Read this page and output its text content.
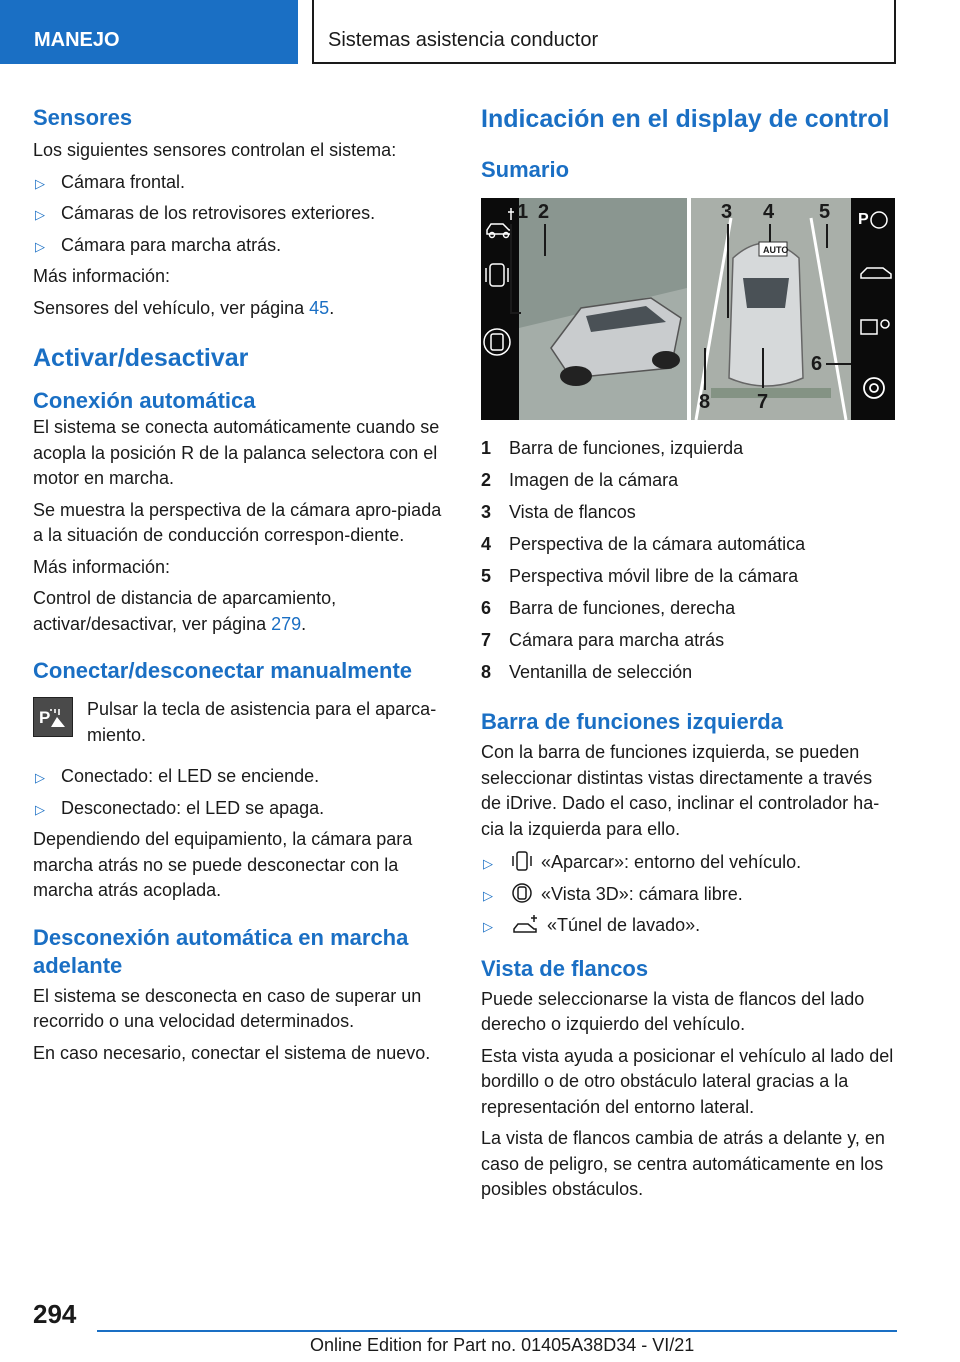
MANEJO	Sistemas asistencia conductor
Sensores

Los siguientes sensores controlan el sistema:

▷ Cámara frontal.
▷ Cámaras de los retrovisores exteriores.
▷ Cámara para marcha atrás.

Más información:

Sensores del vehículo, ver página 45.

Activar/desactivar
Conexión automática

El sistema se conecta automáticamente cuando se acopla la posición R de la palanca selectora con el motor en marcha.

Se muestra la perspectiva de la cámara apro-piada a la situación de conducción correspon-diente.

Más información:

Control de distancia de aparcamiento, activar/desactivar, ver página 279.

Conectar/desconectar manualmente
P Pulsar la tecla de asistencia para el aparca-miento.

▷ Conectado: el LED se enciende.
▷ Desconectado: el LED se apaga.

Dependiendo del equipamiento, la cámara para marcha atrás no se puede desconectar con la marcha atrás acoplada.

Desconexión automática en marcha adelante

El sistema se desconecta en caso de superar un recorrido o una velocidad determinados.

En caso necesario, conectar el sistema de nuevo.

Indicación en el display de control
Sumario
AUTO
P
1 2	3 4 5
6
7
8
1 Barra de funciones, izquierda
2 Imagen de la cámara
3 Vista de flancos
4 Perspectiva de la cámara automática
5 Perspectiva móvil libre de la cámara
6 Barra de funciones, derecha
7 Cámara para marcha atrás
8 Ventanilla de selección
Barra de funciones izquierda

Con la barra de funciones izquierda, se pueden seleccionar distintas vistas directamente a través de iDrive. Dado el caso, inclinar el controlador ha-cia la izquierda para ello.

▷	«Aparcar»: entorno del vehículo.
▷	«Vista 3D»: cámara libre.
▷	«Túnel de lavado».
Vista de flancos

Puede seleccionarse la vista de flancos del lado derecho o izquierdo del vehículo.

Esta vista ayuda a posicionar el vehículo al lado del bordillo o de otro obstáculo lateral gracias a la representación del entorno lateral.

La vista de flancos cambia de atrás a delante y, en caso de peligro, se centra automáticamente en los posibles obstáculos.

294
Online Edition for Part no. 01405A38D34 - VI/21
